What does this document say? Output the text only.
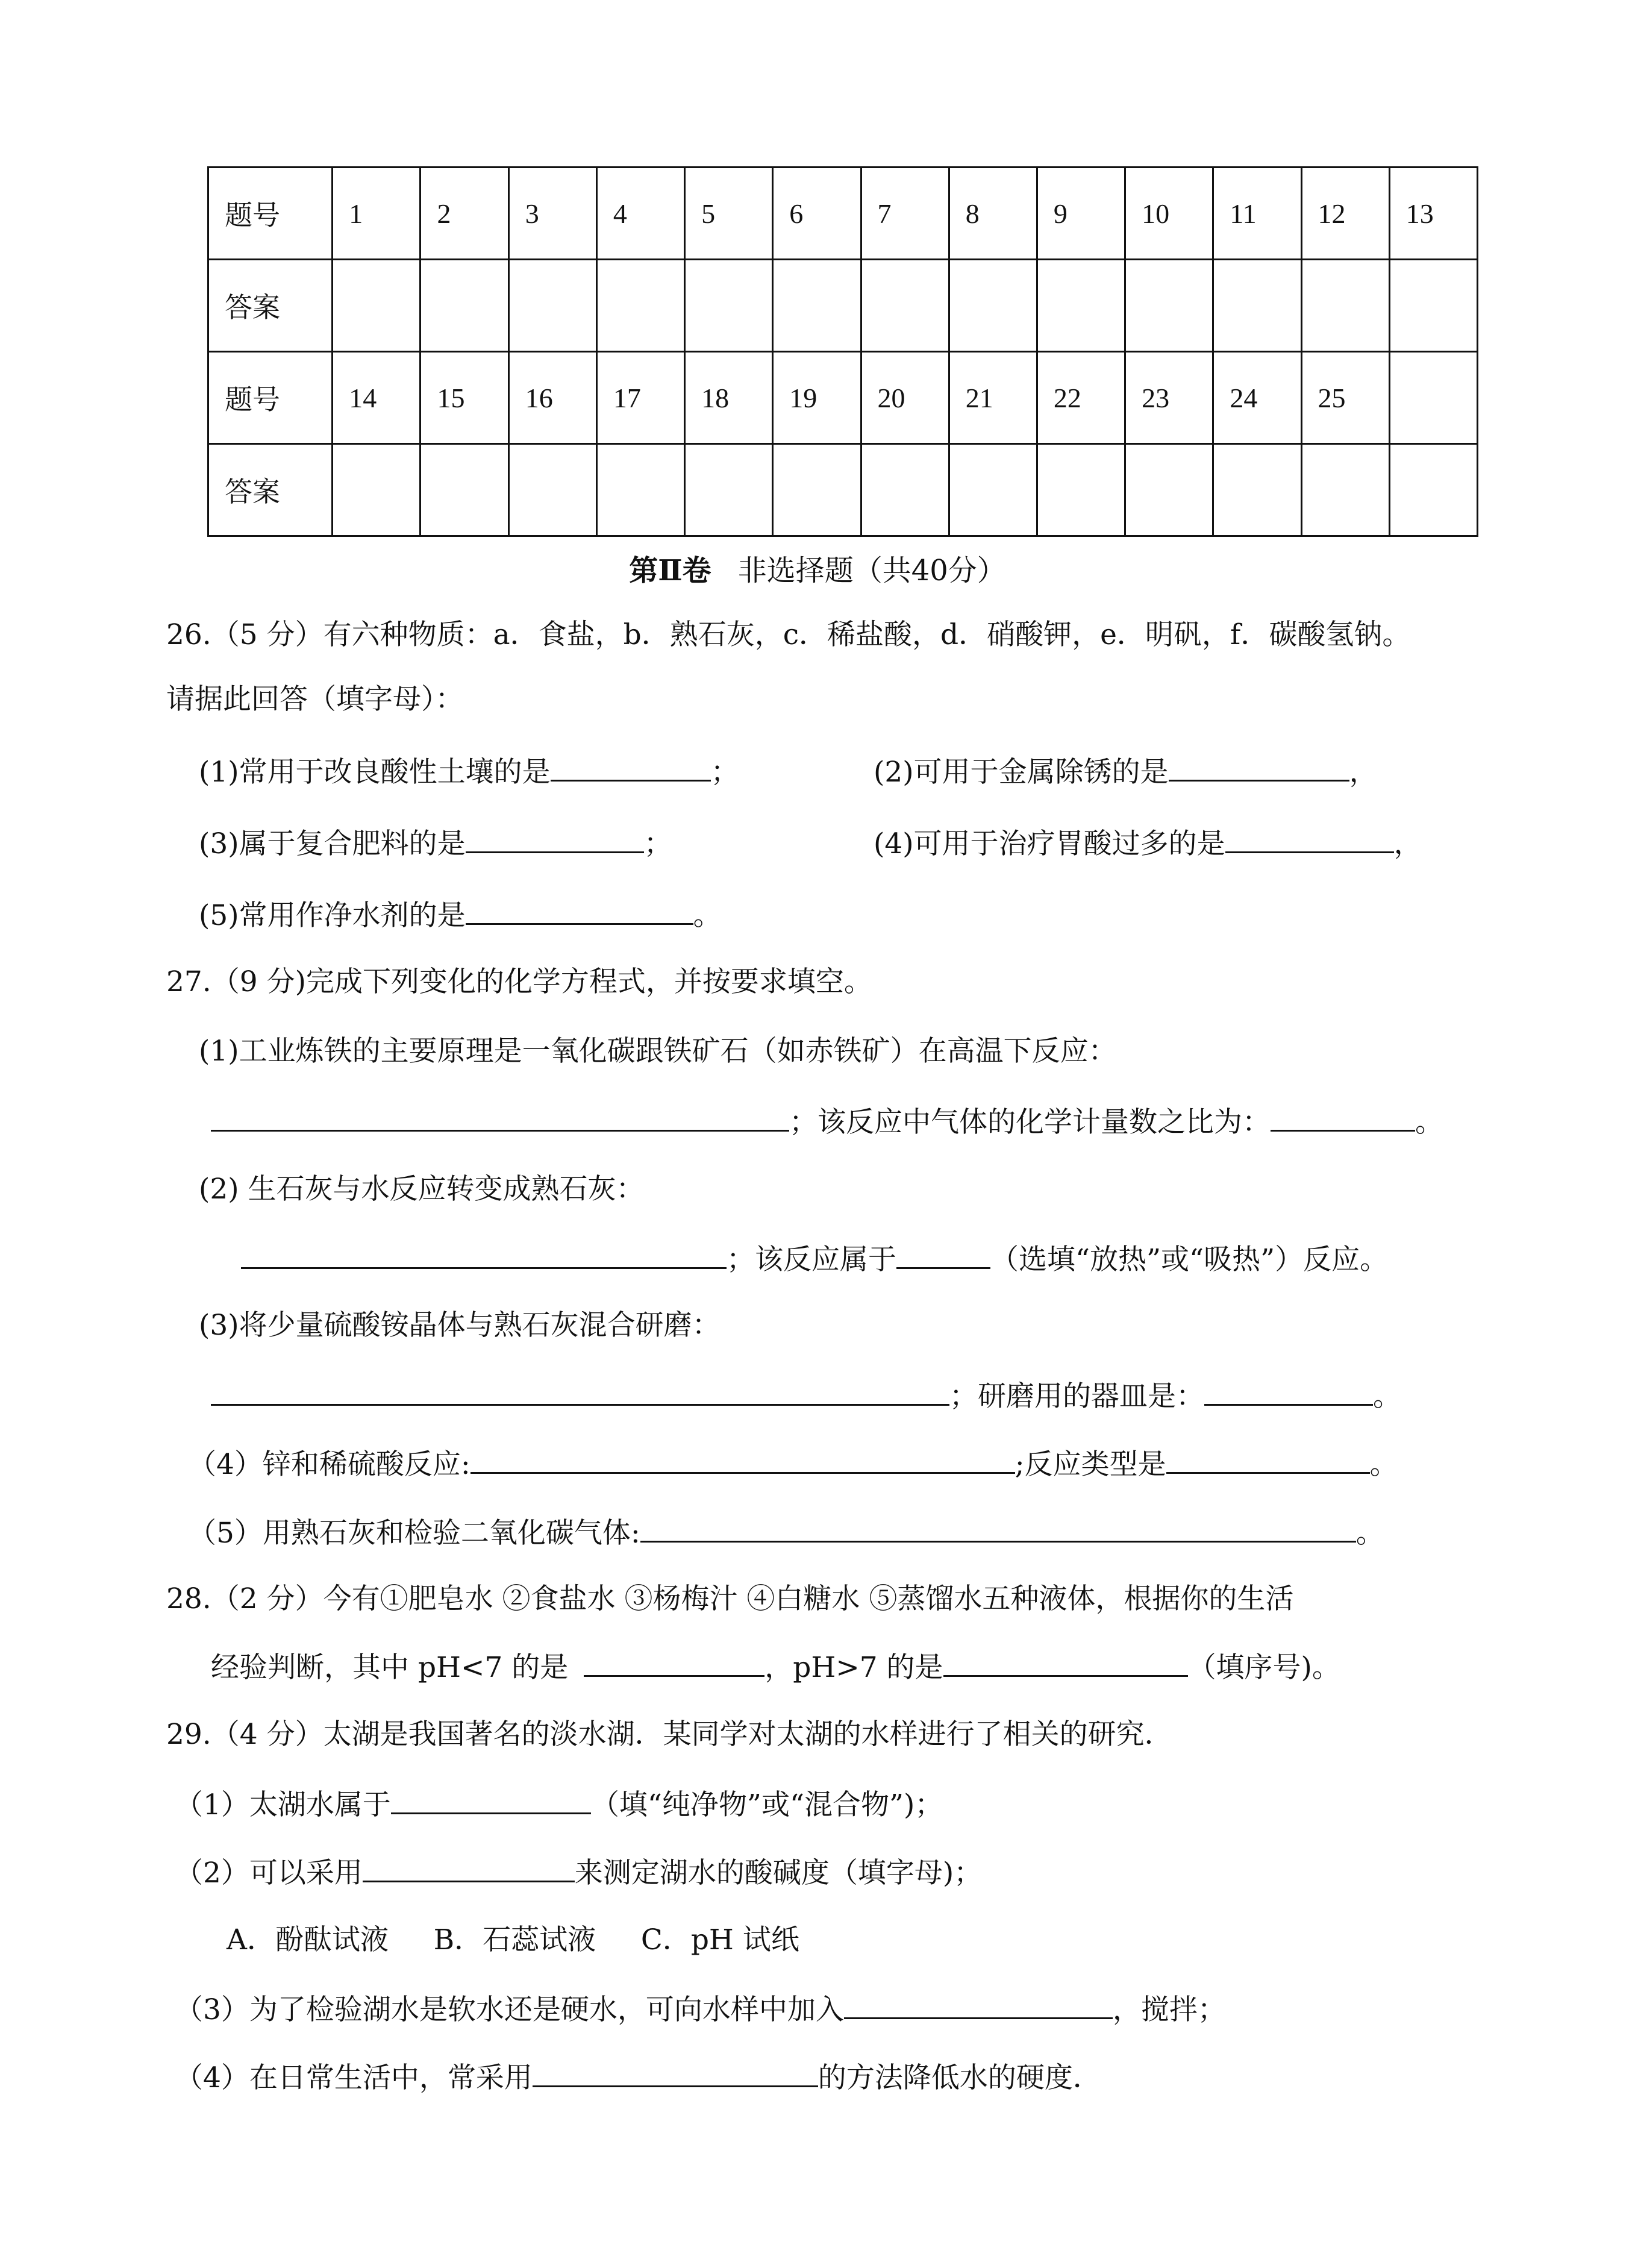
题号	1	2	3	4	5	6	7	8	9	10	11	12	13
答案													
题号	14	15	16	17	18	19	20	21	22	23	24	25	
答案													
第Ⅱ卷 非选择题（共40分）
26.（5 分）有六种物质：a．食盐，b．熟石灰，c．稀盐酸，d．硝酸钾，e．明矾，f．碳酸氢钠。
请据此回答（填字母）：
(1)常用于改良酸性土壤的是	；	(2)可用于金属除锈的是	，
(3)属于复合肥料的是	；	(4)可用于治疗胃酸过多的是	，
(5)常用作净水剂的是	。
27.（9 分)完成下列变化的化学方程式，并按要求填空。
(1)工业炼铁的主要原理是一氧化碳跟铁矿石（如赤铁矿）在高温下反应：
；该反应中气体的化学计量数之比为：	。
(2) 生石灰与水反应转变成熟石灰：
；该反应属于	（选填“放热”或“吸热”）反应。
(3)将少量硫酸铵晶体与熟石灰混合研磨：
；研磨用的器皿是：	。
（4）锌和稀硫酸反应:	;反应类型是	。
（5）用熟石灰和检验二氧化碳气体:	。
28.（2 分）今有①肥皂水 ②食盐水 ③杨梅汁 ④白糖水 ⑤蒸馏水五种液体，根据你的生活
经验判断，其中 pH<7 的是	，pH>7 的是	（填序号)。
29.（4 分）太湖是我国著名的淡水湖．某同学对太湖的水样进行了相关的研究．
（1）太湖水属于	（填“纯净物”或“混合物”)；
（2）可以采用	来测定湖水的酸碱度（填字母)；
A．酚酞试液     B．石蕊试液     C．pH 试纸
（3）为了检验湖水是软水还是硬水，可向水样中加入	，搅拌；
（4）在日常生活中，常采用	的方法降低水的硬度．
